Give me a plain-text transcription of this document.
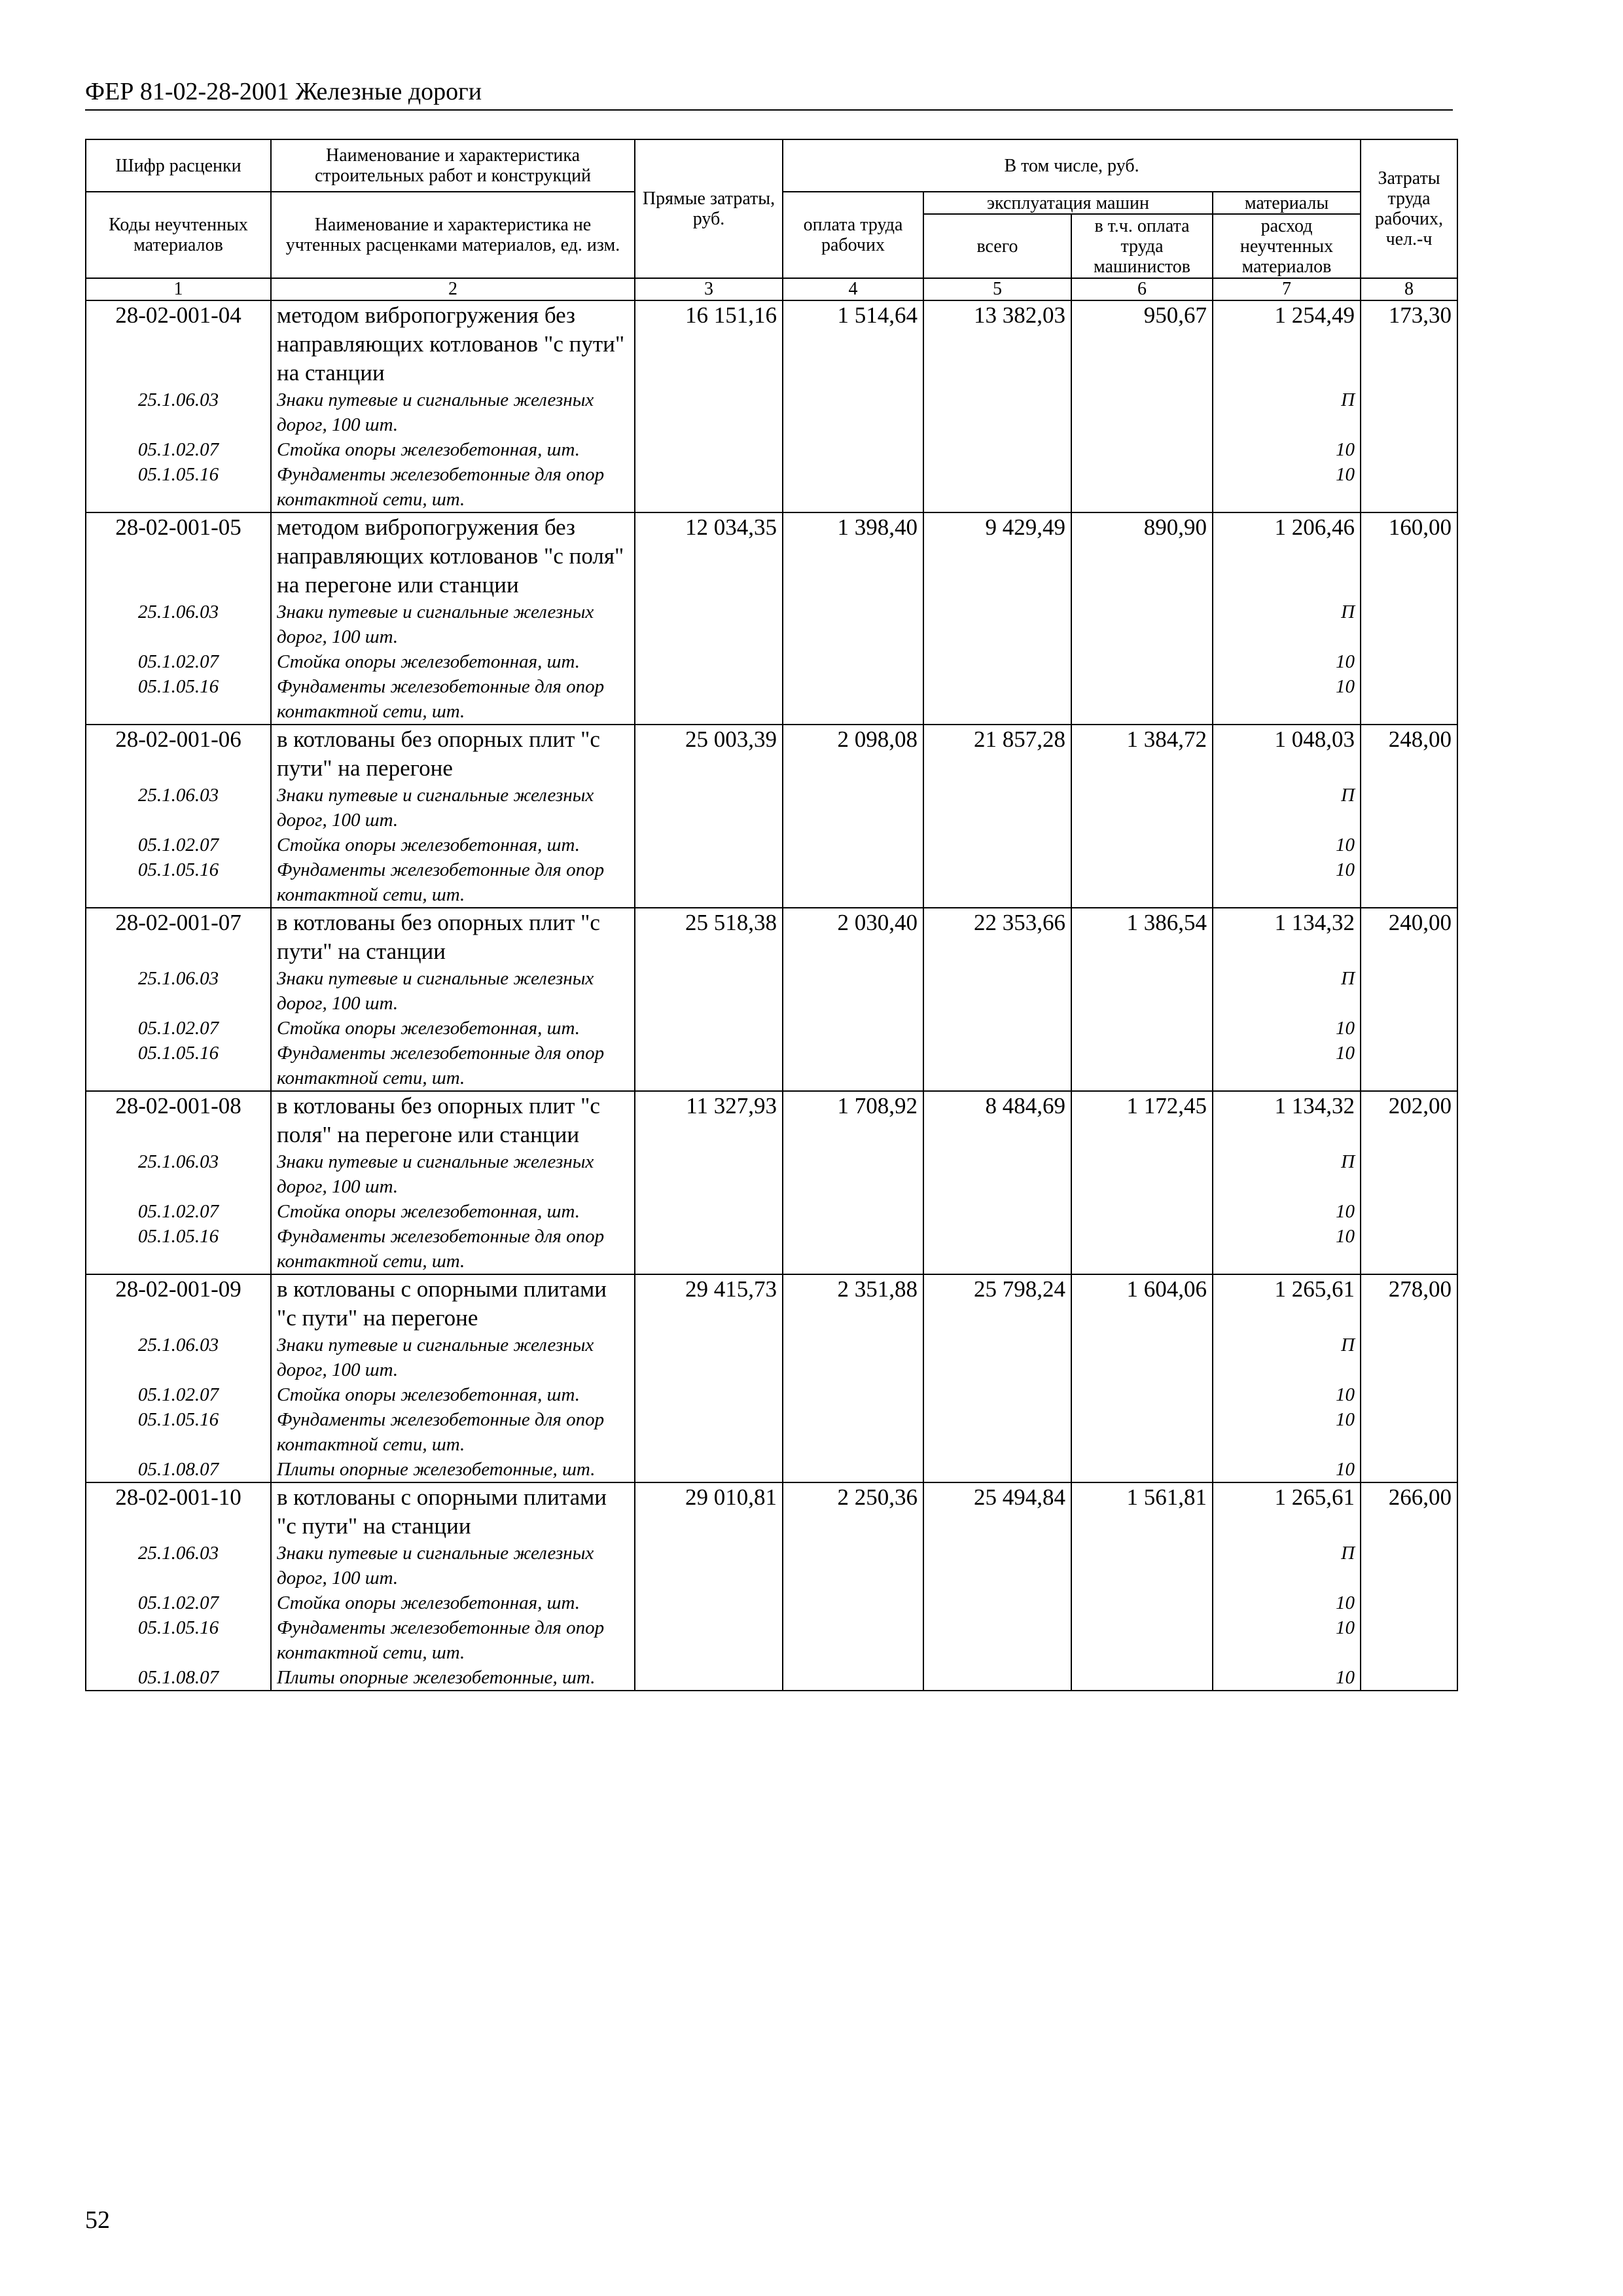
ФЕР 81-02-28-2001 Железные дороги
Шифр расценки	Наименование и характеристика строительных работ и конструкций	Прямые затраты, руб.	В том числе, руб.				Затраты труда рабочих, чел.-ч
Коды неучтенных материалов	Наименование и характеристика не учтенных расценками материалов, ед. изм.		оплата труда рабочих	эксплуатация машин		материалы	
				всего	в т.ч. оплата труда машинистов	расход неучтенных материалов	

1	2	3	4	5	6	7	8
28-02-001-04	методом вибропогружения без направляющих котлованов "с пути" на станции	16 151,16	1 514,64	13 382,03	950,67	1 254,49	173,30
25.1.06.03	Знаки путевые и сигнальные железных дорог, 100 шт.					П	
05.1.02.07	Стойка опоры железобетонная, шт.					10	
05.1.05.16	Фундаменты железобетонные для опор контактной сети, шт.					10	
28-02-001-05	методом вибропогружения без направляющих котлованов "с поля" на перегоне или станции	12 034,35	1 398,40	9 429,49	890,90	1 206,46	160,00
25.1.06.03	Знаки путевые и сигнальные железных дорог, 100 шт.					П	
05.1.02.07	Стойка опоры железобетонная, шт.					10	
05.1.05.16	Фундаменты железобетонные для опор контактной сети, шт.					10	
28-02-001-06	в котлованы без опорных плит "с пути" на перегоне	25 003,39	2 098,08	21 857,28	1 384,72	1 048,03	248,00
25.1.06.03	Знаки путевые и сигнальные железных дорог, 100 шт.					П	
05.1.02.07	Стойка опоры железобетонная, шт.					10	
05.1.05.16	Фундаменты железобетонные для опор контактной сети, шт.					10	
28-02-001-07	в котлованы без опорных плит "с пути" на станции	25 518,38	2 030,40	22 353,66	1 386,54	1 134,32	240,00
25.1.06.03	Знаки путевые и сигнальные железных дорог, 100 шт.					П	
05.1.02.07	Стойка опоры железобетонная, шт.					10	
05.1.05.16	Фундаменты железобетонные для опор контактной сети, шт.					10	
28-02-001-08	в котлованы без опорных плит "с поля" на перегоне или станции	11 327,93	1 708,92	8 484,69	1 172,45	1 134,32	202,00
25.1.06.03	Знаки путевые и сигнальные железных дорог, 100 шт.					П	
05.1.02.07	Стойка опоры железобетонная, шт.					10	
05.1.05.16	Фундаменты железобетонные для опор контактной сети, шт.					10	
28-02-001-09	в котлованы с опорными плитами "с пути" на перегоне	29 415,73	2 351,88	25 798,24	1 604,06	1 265,61	278,00
25.1.06.03	Знаки путевые и сигнальные железных дорог, 100 шт.					П	
05.1.02.07	Стойка опоры железобетонная, шт.					10	
05.1.05.16	Фундаменты железобетонные для опор контактной сети, шт.					10	
05.1.08.07	Плиты опорные железобетонные, шт.					10	
28-02-001-10	в котлованы с опорными плитами "с пути" на станции	29 010,81	2 250,36	25 494,84	1 561,81	1 265,61	266,00
25.1.06.03	Знаки путевые и сигнальные железных дорог, 100 шт.					П	
05.1.02.07	Стойка опоры железобетонная, шт.					10	
05.1.05.16	Фундаменты железобетонные для опор контактной сети, шт.					10	
05.1.08.07	Плиты опорные железобетонные, шт.					10	
52
